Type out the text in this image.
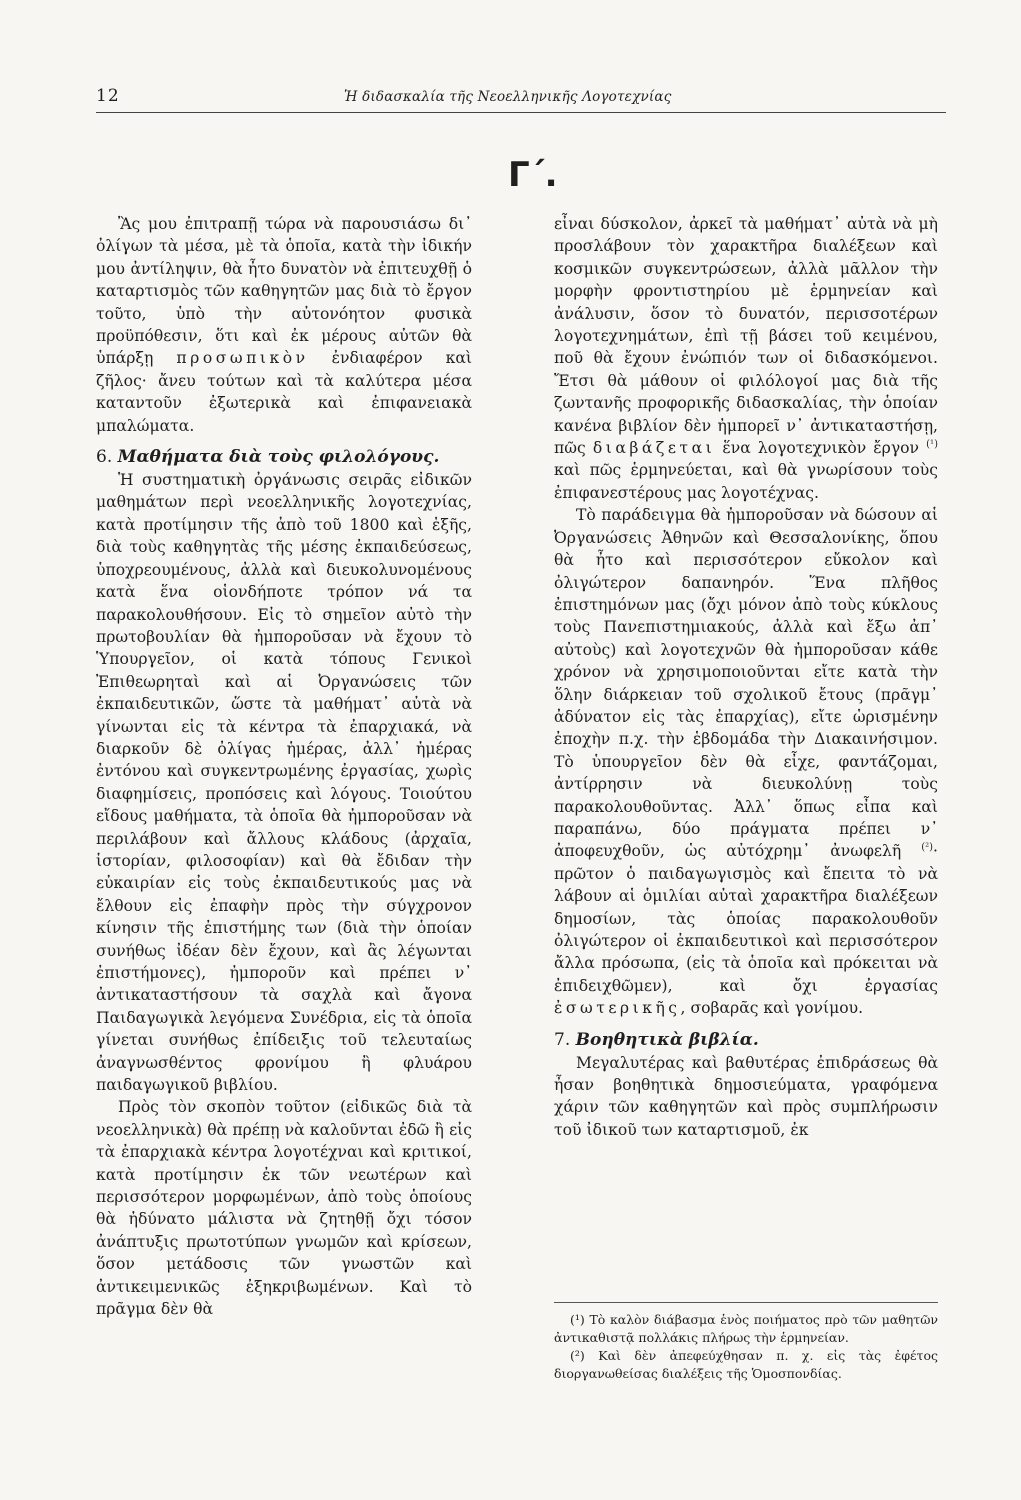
12	Ἡ διδασκαλία τῆς Νεοελληνικῆς Λογοτεχνίας
Γ΄.

Ἂς μου ἐπιτραπῇ τώρα νὰ παρουσιάσω δι᾿ ὀλίγων τὰ μέσα, μὲ τὰ ὁποῖα, κατὰ τὴν ἰδικήν μου ἀντίληψιν, θὰ ἦτο δυνατὸν νὰ ἐπιτευχθῇ ὁ καταρτισμὸς τῶν καθηγητῶν μας διὰ τὸ ἔργον τοῦτο, ὑπὸ τὴν αὐτονόητον φυσικὰ προϋπόθεσιν, ὅτι καὶ ἐκ μέρους αὐτῶν θὰ ὑπάρξῃ προσωπικὸν ἐνδιαφέρον καὶ ζῆλος· ἄνευ τούτων καὶ τὰ καλύτερα μέσα καταντοῦν ἐξωτερικὰ καὶ ἐπιφανειακὰ μπαλώματα.

6. Μαθήματα διὰ τοὺς φιλολόγους.

Ἡ συστηματικὴ ὀργάνωσις σειρᾶς εἰδικῶν μαθημάτων περὶ νεοελληνικῆς λογοτεχνίας, κατὰ προτίμησιν τῆς ἀπὸ τοῦ 1800 καὶ ἑξῆς, διὰ τοὺς καθηγητὰς τῆς μέσης ἐκπαιδεύσεως, ὑποχρεουμένους, ἀλλὰ καὶ διευκολυνομένους κατὰ ἕνα οἱονδήποτε τρόπον νά τα παρακολουθήσουν. Εἰς τὸ σημεῖον αὐτὸ τὴν πρωτοβουλίαν θὰ ἠμποροῦσαν νὰ ἔχουν τὸ Ὑπουργεῖον, οἱ κατὰ τόπους Γενικοὶ Ἐπιθεωρηταὶ καὶ αἱ Ὀργανώσεις τῶν ἐκπαιδευτικῶν, ὥστε τὰ μαθήματ᾿ αὐτὰ νὰ γίνωνται εἰς τὰ κέντρα τὰ ἐπαρχιακά, νὰ διαρκοῦν δὲ ὀλίγας ἡμέρας, ἀλλ᾿ ἡμέρας ἐντόνου καὶ συγκεντρωμένης ἐργασίας, χωρὶς διαφημίσεις, προπόσεις καὶ λόγους. Τοιούτου εἴδους μαθήματα, τὰ ὁποῖα θὰ ἠμποροῦσαν νὰ περιλάβουν καὶ ἄλλους κλάδους (ἀρχαῖα, ἱστορίαν, φιλοσοφίαν) καὶ θὰ ἔδιδαν τὴν εὐκαιρίαν εἰς τοὺς ἐκπαιδευτικούς μας νὰ ἔλθουν εἰς ἐπαφὴν πρὸς τὴν σύγχρονον κίνησιν τῆς ἐπιστήμης των (διὰ τὴν ὁποίαν συνήθως ἰδέαν δὲν ἔχουν, καὶ ἂς λέγωνται ἐπιστήμονες), ἠμποροῦν καὶ πρέπει ν᾿ ἀντικαταστήσουν τὰ σαχλὰ καὶ ἄγονα Παιδαγωγικὰ λεγόμενα Συνέδρια, εἰς τὰ ὁποῖα γίνεται συνήθως ἐπίδειξις τοῦ τελευταίως ἀναγνωσθέντος φρονίμου ἢ φλυάρου παιδαγωγικοῦ βιβλίου.

Πρὸς τὸν σκοπὸν τοῦτον (εἰδικῶς διὰ τὰ νεοελληνικὰ) θὰ πρέπῃ νὰ καλοῦνται ἐδῶ ἢ εἰς τὰ ἐπαρχιακὰ κέντρα λογοτέχναι καὶ κριτικοί, κατὰ προτίμησιν ἐκ τῶν νεωτέρων καὶ περισσότερον μορφωμένων, ἀπὸ τοὺς ὁποίους θὰ ἠδύνατο μάλιστα νὰ ζητηθῇ ὄχι τόσον ἀνάπτυξις πρωτοτύπων γνωμῶν καὶ κρίσεων, ὅσον μετάδοσις τῶν γνωστῶν καὶ ἀντικειμενικῶς ἐξηκριβωμένων. Καὶ τὸ πρᾶγμα δὲν θὰ

εἶναι δύσκολον, ἀρκεῖ τὰ μαθήματ᾿ αὐτὰ νὰ μὴ προσλάβουν τὸν χαρακτῆρα διαλέξεων καὶ κοσμικῶν συγκεντρώσεων, ἀλλὰ μᾶλλον τὴν μορφὴν φροντιστηρίου μὲ ἑρμηνείαν καὶ ἀνάλυσιν, ὅσον τὸ δυνατόν, περισσοτέρων λογοτεχνημάτων, ἐπὶ τῇ βάσει τοῦ κειμένου, ποῦ θὰ ἔχουν ἐνώπιόν των οἱ διδασκόμενοι. Ἔτσι θὰ μάθουν οἱ φιλόλογοί μας διὰ τῆς ζωντανῆς προφορικῆς διδασκαλίας, τὴν ὁποίαν κανένα βιβλίον δὲν ἠμπορεῖ ν᾿ ἀντικαταστήσῃ, πῶς διαβάζεται ἕνα λογοτεχνικὸν ἔργον $^{(^1)}$ καὶ πῶς ἑρμηνεύεται, καὶ θὰ γνωρίσουν τοὺς ἐπιφανεστέρους μας λογοτέχνας.

Τὸ παράδειγμα θὰ ἠμποροῦσαν νὰ δώσουν αἱ Ὀργανώσεις Ἀθηνῶν καὶ Θεσσαλονίκης, ὅπου θὰ ἦτο καὶ περισσότερον εὔκολον καὶ ὀλιγώτερον δαπανηρόν. Ἕνα πλῆθος ἐπιστημόνων μας (ὄχι μόνον ἀπὸ τοὺς κύκλους τοὺς Πανεπιστημιακούς, ἀλλὰ καὶ ἔξω ἀπ᾿ αὐτοὺς) καὶ λογοτεχνῶν θὰ ἠμποροῦσαν κάθε χρόνον νὰ χρησιμοποιοῦνται εἴτε κατὰ τὴν ὅλην διάρκειαν τοῦ σχολικοῦ ἔτους (πρᾶγμ᾿ ἀδύνατον εἰς τὰς ἐπαρχίας), εἴτε ὡρισμένην ἐποχὴν π.χ. τὴν ἑβδομάδα τὴν Διακαινήσιμον. Τὸ ὑπουργεῖον δὲν θὰ εἶχε, φαντάζομαι, ἀντίρρησιν νὰ διευκολύνῃ τοὺς παρακολουθοῦντας. Ἀλλ᾿ ὅπως εἶπα καὶ παραπάνω, δύο πράγματα πρέπει ν᾿ ἀποφευχθοῦν, ὡς αὐτόχρημ᾿ ἀνωφελῆ $^{(^2)}$· πρῶτον ὁ παιδαγωγισμὸς καὶ ἔπειτα τὸ νὰ λάβουν αἱ ὁμιλίαι αὐταὶ χαρακτῆρα διαλέξεων δημοσίων, τὰς ὁποίας παρακολουθοῦν ὀλιγώτερον οἱ ἐκπαιδευτικοὶ καὶ περισσότερον ἄλλα πρόσωπα, (εἰς τὰ ὁποῖα καὶ πρόκειται νὰ ἐπιδειχθῶμεν), καὶ ὄχι ἐργασίας ἐσωτερικῆς, σοβαρᾶς καὶ γονίμου.

7. Βοηθητικὰ βιβλία.

Μεγαλυτέρας καὶ βαθυτέρας ἐπιδράσεως θὰ ἦσαν βοηθητικὰ δημοσιεύματα, γραφόμενα χάριν τῶν καθηγητῶν καὶ πρὸς συμπλήρωσιν τοῦ ἰδικοῦ των καταρτισμοῦ, ἐκ

(¹) Τὸ καλὸν διάβασμα ἑνὸς ποιήματος πρὸ τῶν μαθητῶν ἀντικαθιστᾷ πολλάκις πλήρως τὴν ἑρμηνείαν.

(²) Καὶ δὲν ἀπεφεύχθησαν π. χ. εἰς τὰς ἐφέτος διοργανωθείσας διαλέξεις τῆς Ὁμοσπονδίας.
